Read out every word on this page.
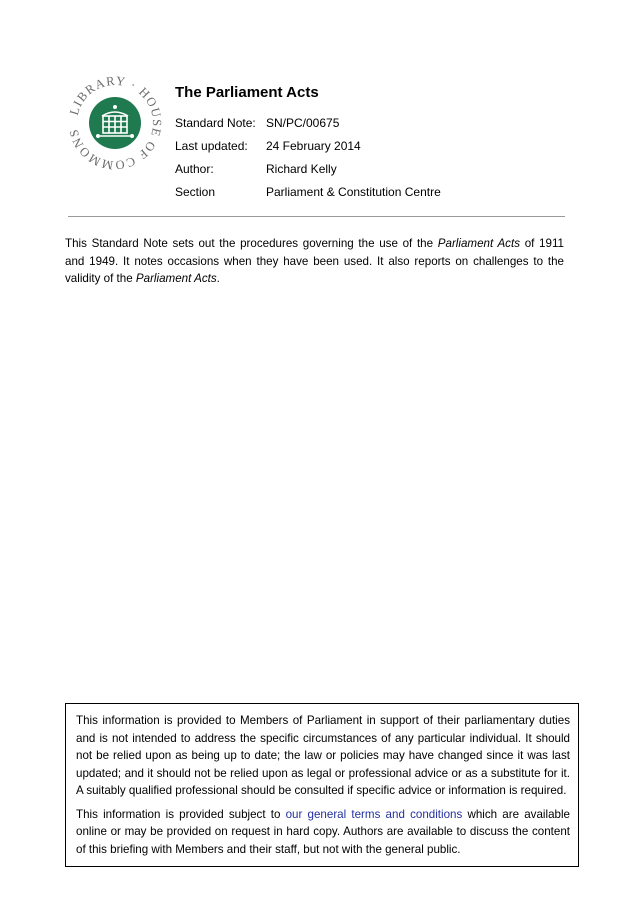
LIBRARY · HOUSE OF COMMONS
The Parliament Acts
Standard Note: SN/PC/00675
Last updated:	24 February 2014
Author:	Richard Kelly
Section	Parliament & Constitution Centre

This Standard Note sets out the procedures governing the use of the Parliament Acts of 1911 and 1949. It notes occasions when they have been used. It also reports on challenges to the validity of the Parliament Acts.

This information is provided to Members of Parliament in support of their parliamentary duties and is not intended to address the specific circumstances of any particular individual. It should not be relied upon as being up to date; the law or policies may have changed since it was last updated; and it should not be relied upon as legal or professional advice or as a substitute for it. A suitably qualified professional should be consulted if specific advice or information is required.

This information is provided subject to our general terms and conditions which are available online or may be provided on request in hard copy. Authors are available to discuss the content of this briefing with Members and their staff, but not with the general public.
